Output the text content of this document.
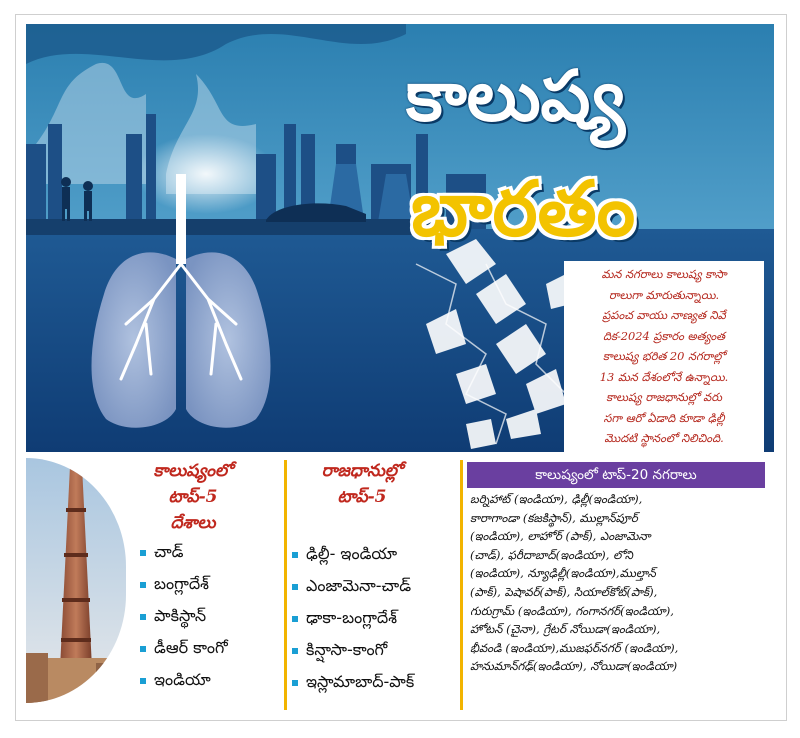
కాలుష్య
భారతం
మన నగరాలు కాలుష్య కాసా
రాలుగా మారుతున్నాయి.
ప్రపంచ వాయు నాణ్యత నివే
దిక-2024 ప్రకారం అత్యంత
కాలుష్య భరిత 20 నగరాల్లో
13 మన దేశంలోనే ఉన్నాయి.
కాలుష్య రాజధానుల్లో వరు
సగా ఆరో ఏడాది కూడా ఢిల్లీ
మొదటి స్థానంలో నిలిచింది.
కాలుష్యంలో
టాప్-5
దేశాలు
చాడ్
బంగ్లాదేశ్
పాకిస్థాన్
డీఆర్ కాంగో
ఇండియా
రాజధానుల్లో
టాప్-5
ఢిల్లీ- ఇండియా
ఎంజామెనా-చాడ్
ఢాకా-బంగ్లాదేశ్
కిన్షాసా-కాంగో
ఇస్లామాబాద్-పాక్
కాలుష్యంలో టాప్-20 నగరాలు
బర్నిహాట్ (ఇండియా), ఢిల్లీ(ఇండియా),
కారాగాండా (కజకిస్థాన్), ముల్లాన్‌పూర్
(ఇండియా), లాహోర్ (పాక్), ఎంజామెనా
(చాడ్), ఫరీదాబాద్(ఇండియా), లోని
(ఇండియా), న్యూఢిల్లీ(ఇండియా),ముల్తాన్
(పాక్), పెషావర్(పాక్), సియాల్‌కోట్(పాక్),
గురుగ్రామ్ (ఇండియా), గంగానగర్(ఇండియా),
హోటన్ (చైనా), గ్రేటర్ నోయిడా(ఇండియా),
భీవండి (ఇండియా),ముజఫర్‌నగర్ (ఇండియా),
హనుమాన్‌గఢ్(ఇండియా), నోయిడా(ఇండియా)
